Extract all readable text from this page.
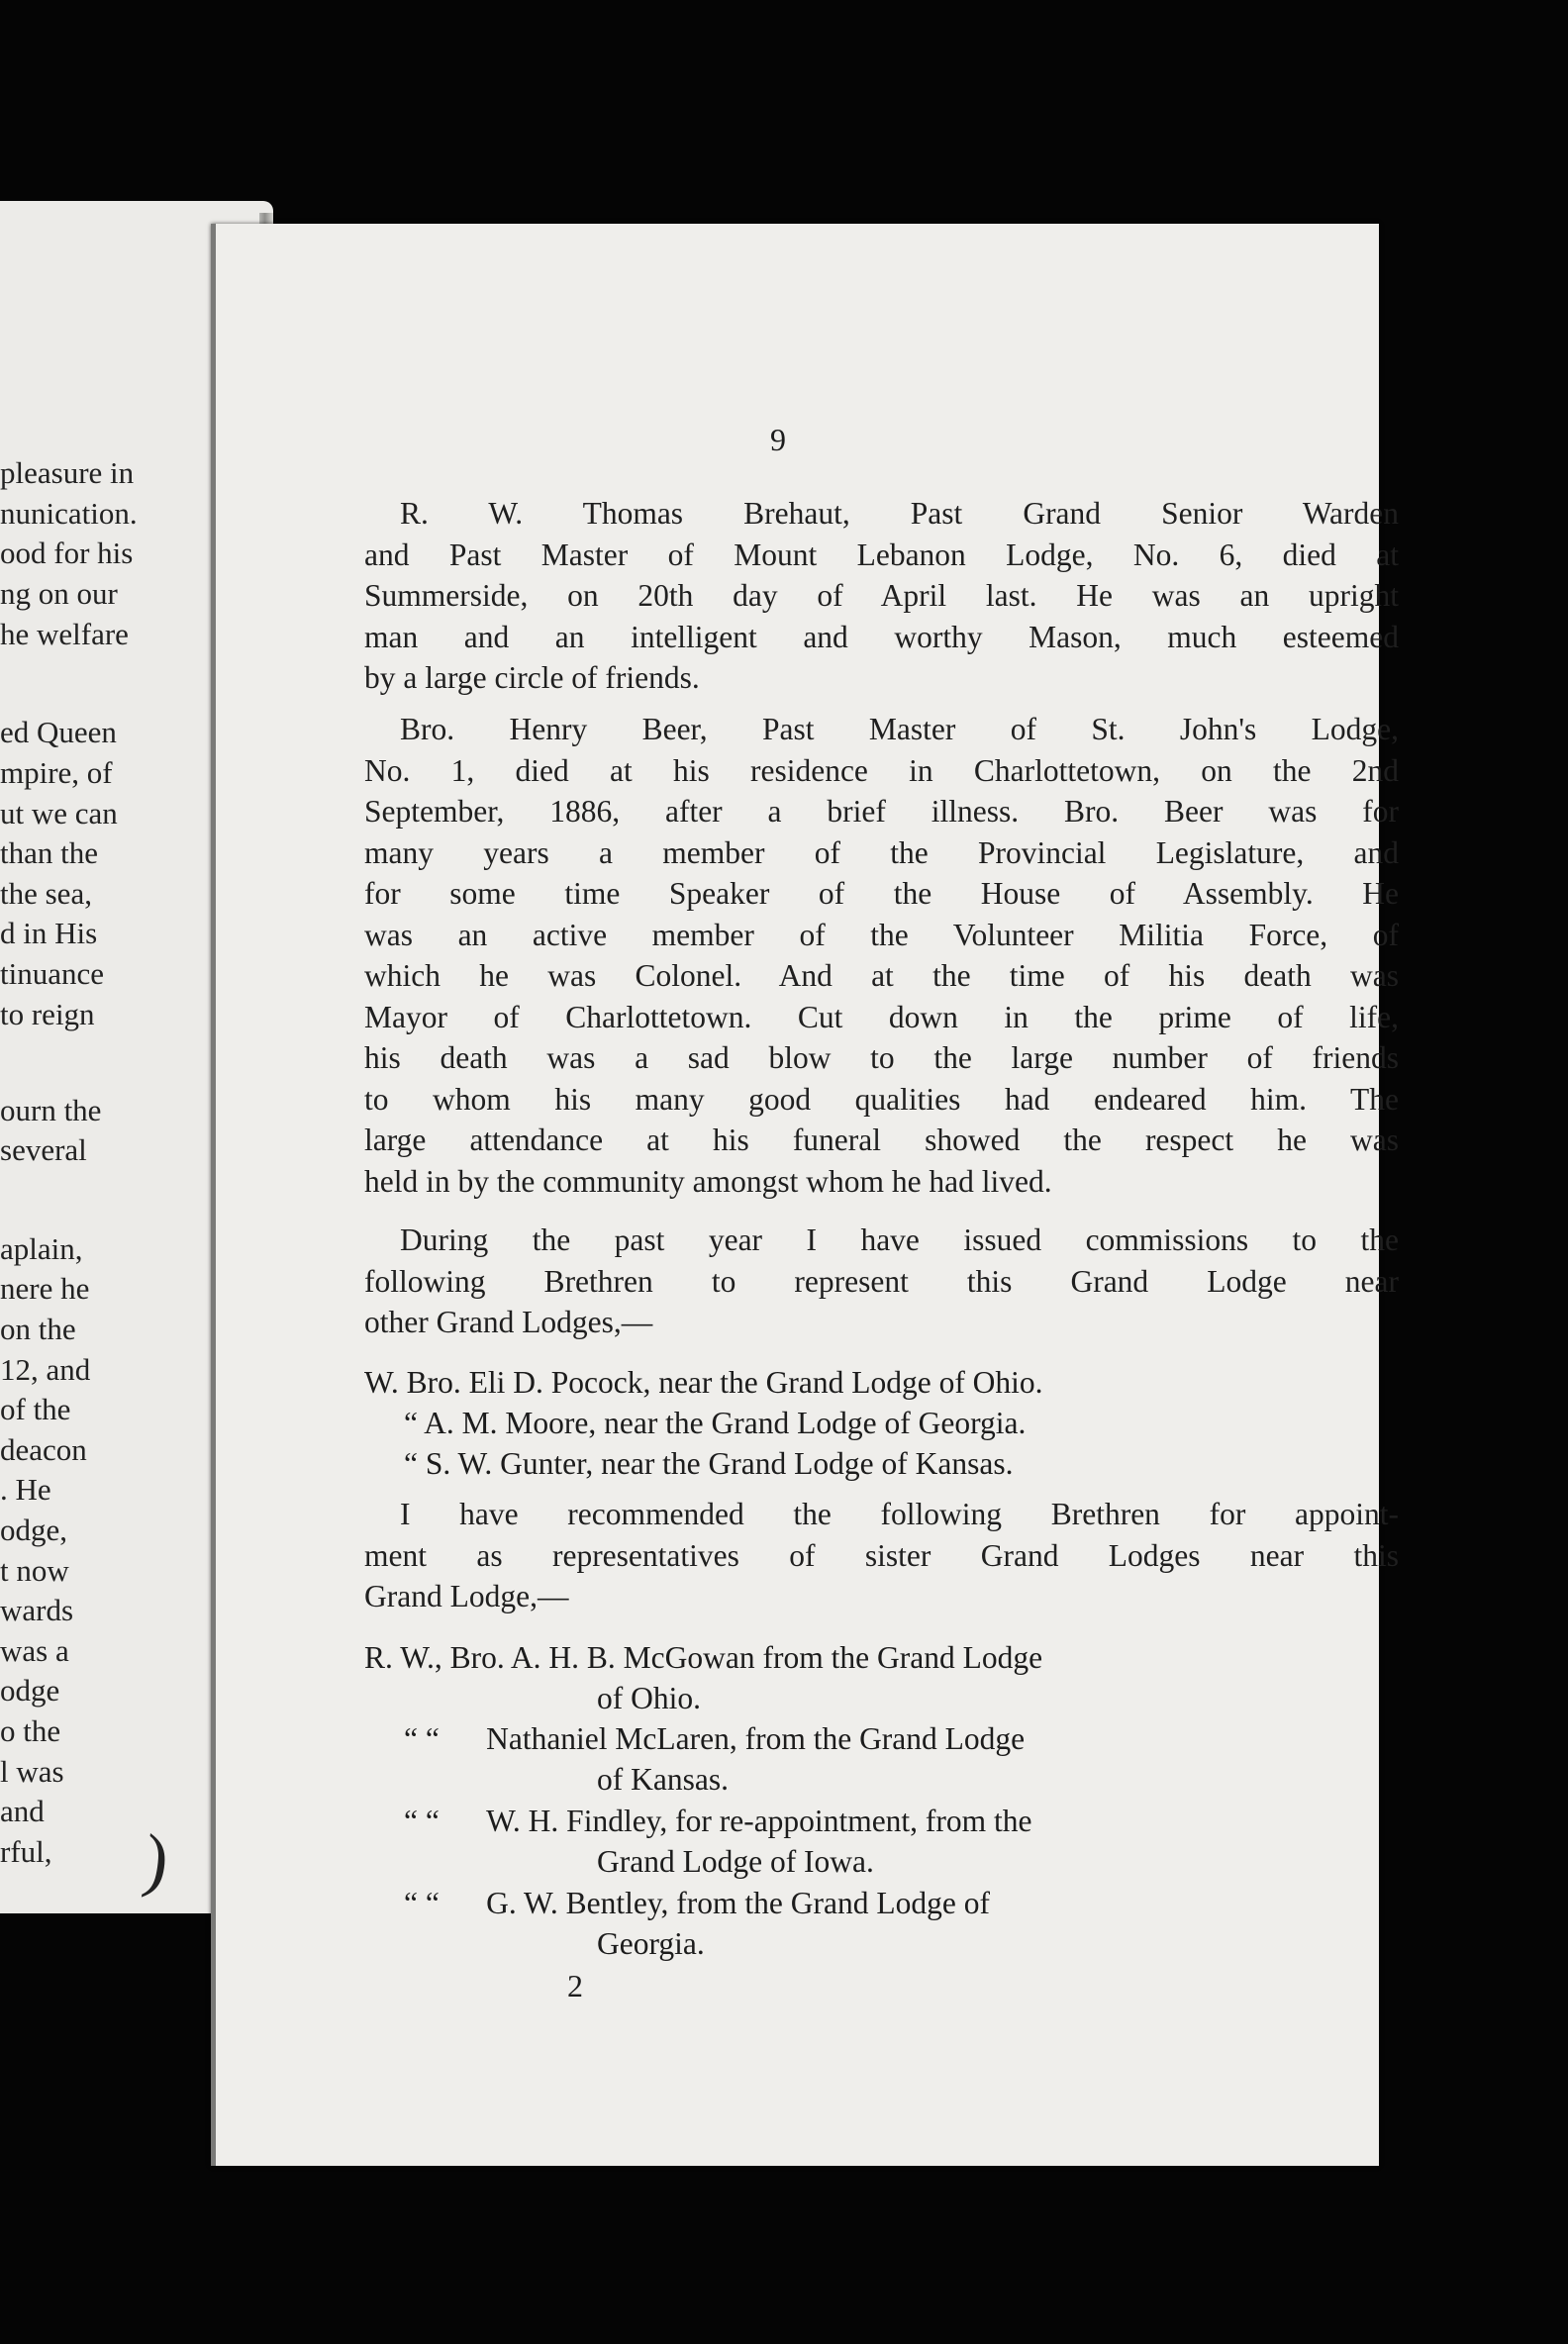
pleasure in
nunication.
ood for his
ng on our
he welfare
ed Queen
mpire, of
ut we can
than the
the sea,
d in His
tinuance
to reign
ourn the
several
aplain,
nere he
on the
12, and
of the
deacon
. He
odge,
t now
wards
was a
odge
o the
l was
and
rful,	)
9
R. W. Thomas Brehaut, Past Grand Senior Warden
and Past Master of Mount Lebanon Lodge, No. 6, died at
Summerside, on 20th day of April last. He was an upright
man and an intelligent and worthy Mason, much esteemed
by a large circle of friends.
Bro. Henry Beer, Past Master of St. John's Lodge,
No. 1, died at his residence in Charlottetown, on the 2nd
September, 1886, after a brief illness. Bro. Beer was for
many years a member of the Provincial Legislature, and
for some time Speaker of the House of Assembly. He
was an active member of the Volunteer Militia Force, of
which he was Colonel. And at the time of his death was
Mayor of Charlottetown. Cut down in the prime of life,
his death was a sad blow to the large number of friends
to whom his many good qualities had endeared him. The
large attendance at his funeral showed the respect he was
held in by the community amongst whom he had lived.
During the past year I have issued commissions to the
following Brethren to represent this Grand Lodge near
other Grand Lodges,—
W. Bro. Eli D. Pocock, near the Grand Lodge of Ohio.
“ A. M. Moore, near the Grand Lodge of Georgia.
“ S. W. Gunter, near the Grand Lodge of Kansas.
I have recommended the following Brethren for appoint-
ment as representatives of sister Grand Lodges near this
Grand Lodge,—
R. W., Bro. A. H. B. McGowan from the Grand Lodge
of Ohio.
“ “ Nathaniel McLaren, from the Grand Lodge
of Kansas.
“ “ W. H. Findley, for re-appointment, from the
Grand Lodge of Iowa.
“ “ G. W. Bentley, from the Grand Lodge of
Georgia.
2
